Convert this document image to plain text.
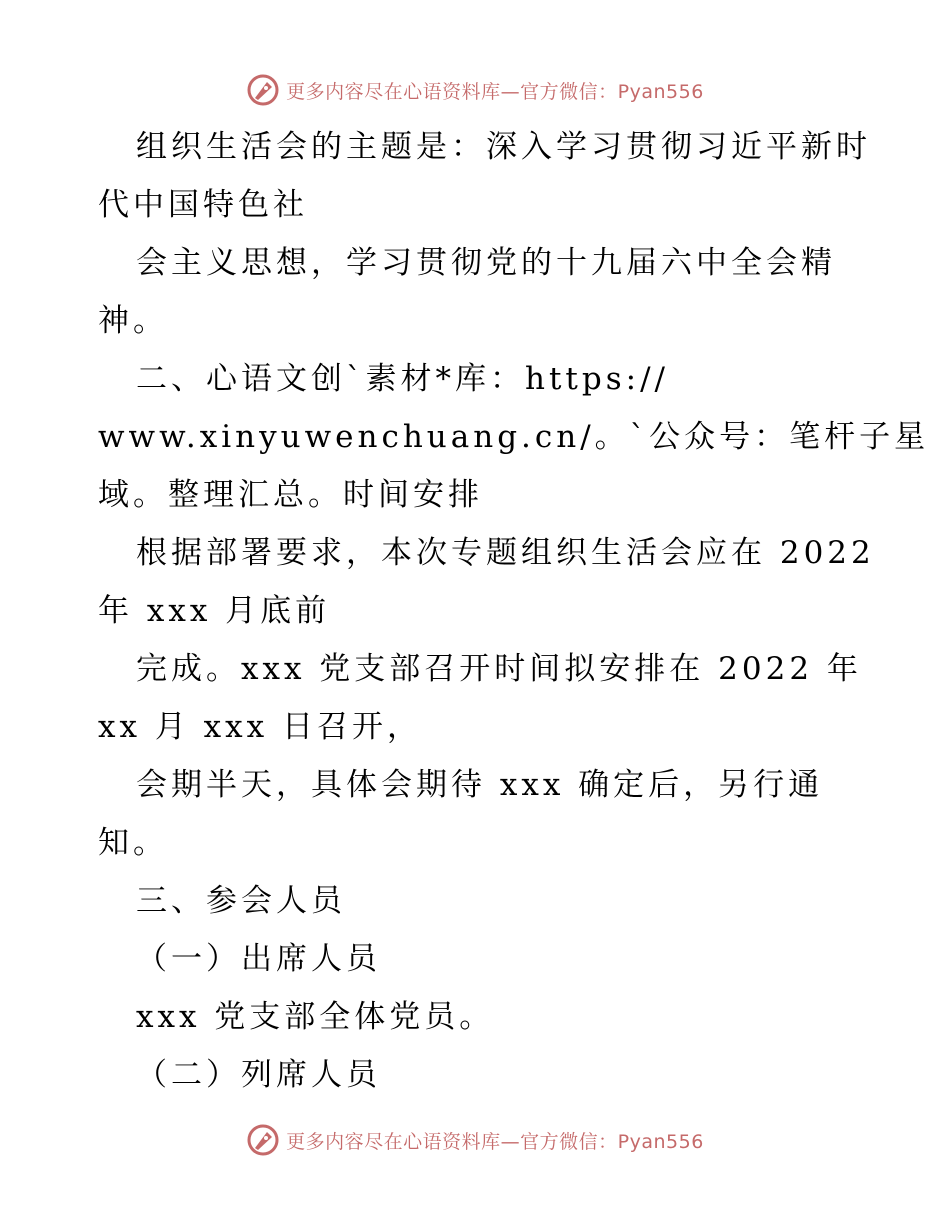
更多内容尽在心语资料库—官方微信：Pyan556
组织生活会的主题是：深入学习贯彻习近平新时
代中国特色社
会主义思想，学习贯彻党的十九届六中全会精
神。
二、心语文创`素材*库：https://
www.xinyuwenchuang.cn/。`公众号：笔杆子星
域。整理汇总。时间安排
根据部署要求，本次专题组织生活会应在 2022
年 xxx 月底前
完成。xxx 党支部召开时间拟安排在 2022 年
xx 月 xxx 日召开，
会期半天，具体会期待 xxx 确定后，另行通
知。
三、参会人员
（一）出席人员
xxx 党支部全体党员。
（二）列席人员
更多内容尽在心语资料库—官方微信：Pyan556
